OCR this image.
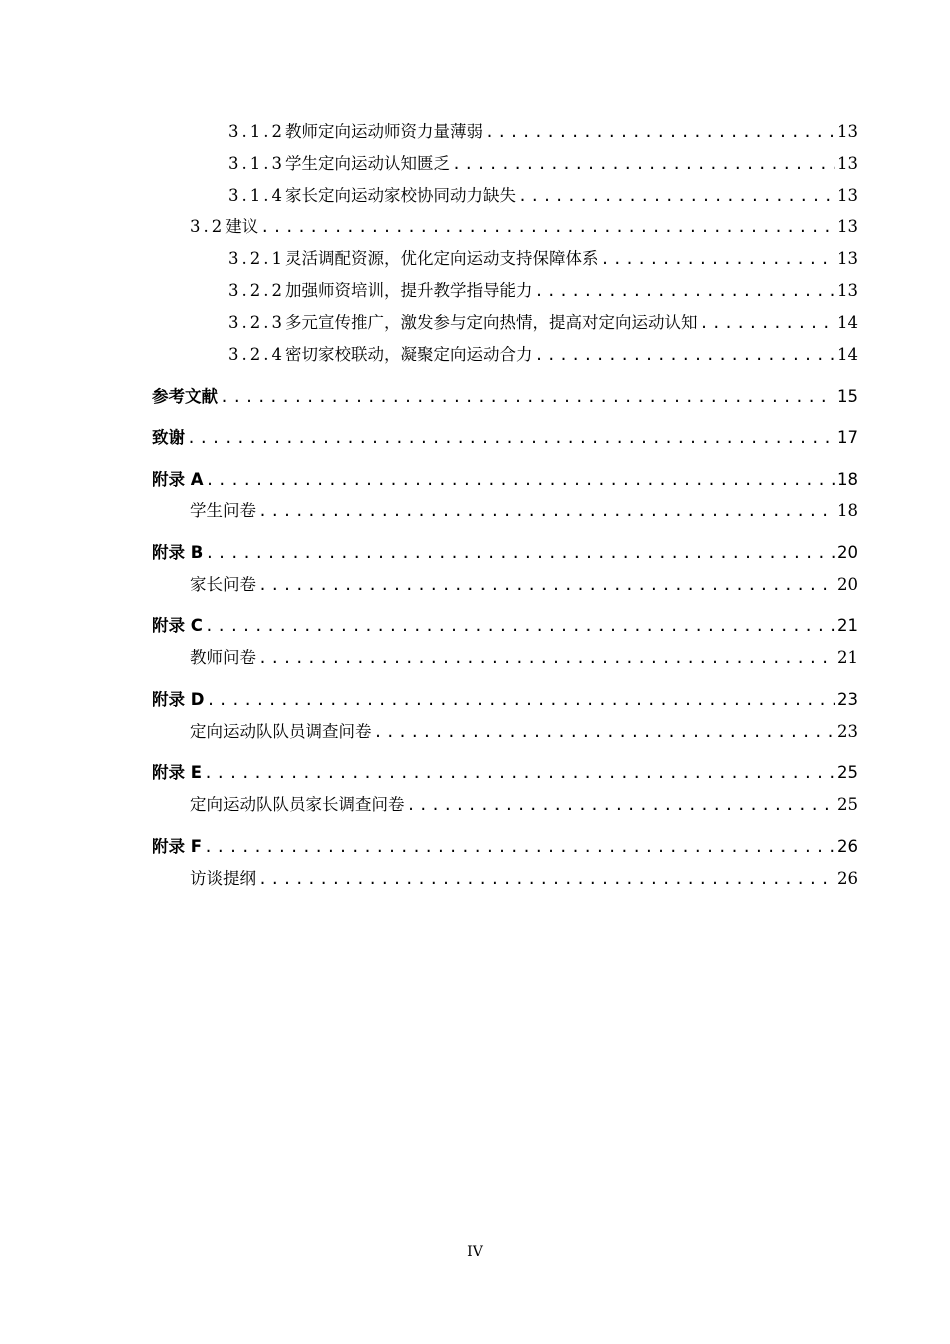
3.1.2 教师定向运动师资力量薄弱 .....	13
3.1.3 学生定向运动认知匮乏 .....	13
3.1.4 家长定向运动家校协同动力缺失 .....	13
3.2 建议 .....	13
3.2.1 灵活调配资源，优化定向运动支持保障体系 .....	13
3.2.2 加强师资培训，提升教学指导能力 .....	13
3.2.3 多元宣传推广，激发参与定向热情，提高对定向运动认知 .....	14
3.2.4 密切家校联动，凝聚定向运动合力 .....	14
参考文献 .....	15
致谢 .....	17
附录 A .....	18
学生问卷 .....	18
附录 B .....	20
家长问卷 .....	20
附录 C .....	21
教师问卷 .....	21
附录 D .....	23
定向运动队队员调查问卷 .....	23
附录 E .....	25
定向运动队队员家长调查问卷 .....	25
附录 F .....	26
访谈提纲 .....	26
IV
